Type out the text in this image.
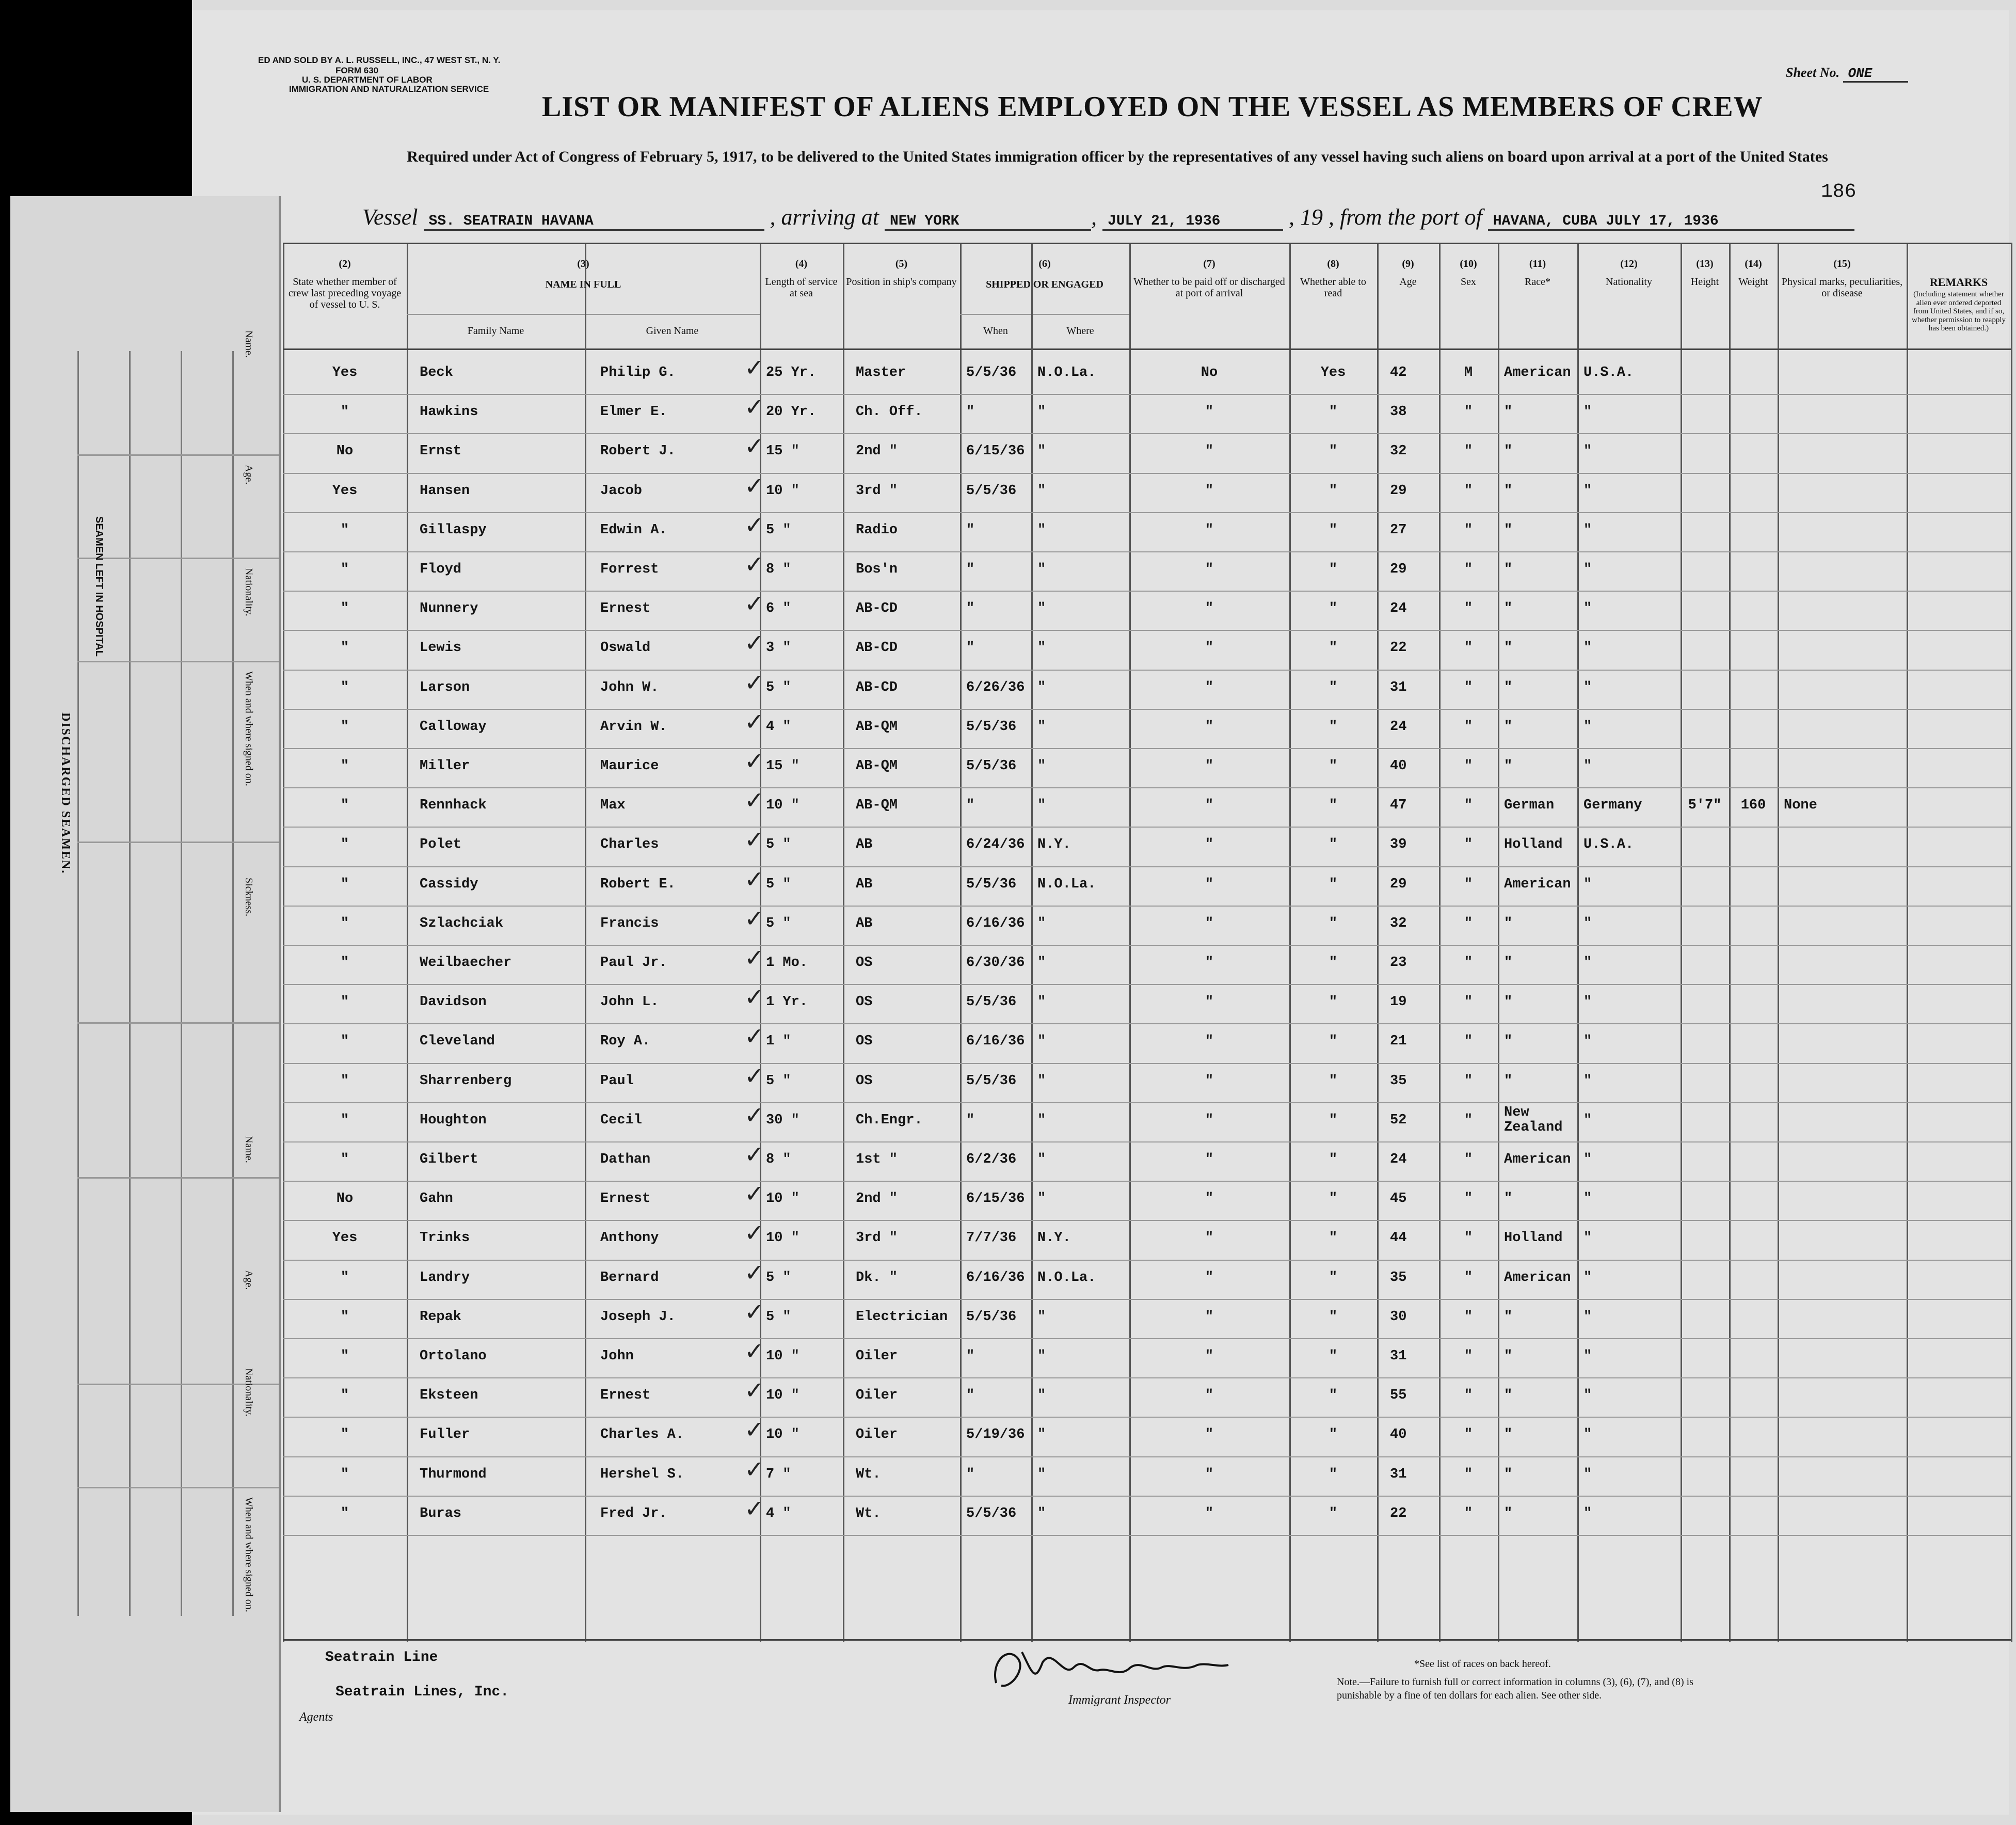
DISCHARGED SEAMEN.
Name.
Age.
Nationality.
When and where signed on.
Sickness.
Name.
Age.
Nationality.
When and where signed on.
SEAMEN LEFT IN HOSPITAL
ED AND SOLD BY A. L. RUSSELL, INC., 47 WEST ST., N. Y.
FORM 630
U. S. DEPARTMENT OF LABOR
IMMIGRATION AND NATURALIZATION SERVICE
Sheet No. ONE
LIST OR MANIFEST OF ALIENS EMPLOYED ON THE VESSEL AS MEMBERS OF CREW
Required under Act of Congress of February 5, 1917, to be delivered to the United States immigration officer by the representatives of any vessel having such aliens on board upon arrival at a port of the United States
186
Vessel SS. SEATRAIN HAVANA	, arriving at NEW YORK	, JULY 21, 1936	, 19 , from the port of HAVANA, CUBA JULY 17, 1936
(2)
State whether member of crew last preceding voyage of vessel to U. S.
(3)
NAME IN FULL
Family Name	Given Name
(4)
Length of service at sea
(5)
Position in ship's company
(6)
SHIPPED OR ENGAGED
When	Where
(7)
Whether to be paid off or discharged at port of arrival
(8)
Whether able to read
(9)
Age
(10)
Sex
(11)
Race*
(12)
Nationality
(13)
Height
(14)
Weight
(15)
Physical marks, peculiarities, or disease
REMARKS
(Including statement whether alien ever ordered deported from United States, and if so, whether permission to reapply has been obtained.)
Yes	Beck	Philip G.	25 Yr.	Master	5/5/36 N.O.La.	No	Yes	42	M	American U.S.A.
✓
"	Hawkins	Elmer E.	20 Yr.	Ch. Off.	"	"	"	"	38	"	"	"
✓
No	Ernst	Robert J.	15 "	2nd "	6/15/36 "	"	"	32	"	"	"
✓
Yes	Hansen	Jacob	10 "	3rd "	5/5/36 "	"	"	29	"	"	"
✓
"	Gillaspy	Edwin A.	5 "	Radio	"	"	"	"	27	"	"	"
✓
"	Floyd	Forrest	8 "	Bos'n	"	"	"	"	29	"	"	"
✓
"	Nunnery	Ernest	6 "	AB-CD	"	"	"	"	24	"	"	"
✓
"	Lewis	Oswald	3 "	AB-CD	"	"	"	"	22	"	"	"
✓
"	Larson	John W.	5 "	AB-CD	6/26/36 "	"	"	31	"	"	"
✓
"	Calloway	Arvin W.	4 "	AB-QM	5/5/36 "	"	"	24	"	"	"
✓
"	Miller	Maurice	15 "	AB-QM	5/5/36 "	"	"	40	"	"	"
✓
"	Rennhack	Max	10 "	AB-QM	"	"	"	"	47	"	German Germany	5'7"	160	None
✓
"	Polet	Charles	5 "	AB	6/24/36 N.Y.	"	"	39	"	Holland U.S.A.
✓
"	Cassidy	Robert E.	5 "	AB	5/5/36 N.O.La.	"	"	29	"	American "
✓
"	Szlachciak	Francis	5 "	AB	6/16/36 "	"	"	32	"	"	"
✓
"	Weilbaecher	Paul Jr.	1 Mo.	OS	6/30/36 "	"	"	23	"	"	"
✓
"	Davidson	John L.	1 Yr.	OS	5/5/36 "	"	"	19	"	"	"
✓
"	Cleveland	Roy A.	1 "	OS	6/16/36 "	"	"	21	"	"	"
✓
"	Sharrenberg	Paul	5 "	OS	5/5/36 "	"	"	35	"	"	"
✓
"	Houghton	Cecil	30 "	Ch.Engr.	"	"	"	"	52	"	New Zealand "
✓
"	Gilbert	Dathan	8 "	1st "	6/2/36 "	"	"	24	"	American "
✓
No	Gahn	Ernest	10 "	2nd "	6/15/36 "	"	"	45	"	"	"
✓
Yes	Trinks	Anthony	10 "	3rd "	7/7/36 N.Y.	"	"	44	"	Holland "
✓
"	Landry	Bernard	5 "	Dk. "	6/16/36 N.O.La.	"	"	35	"	American "
✓
"	Repak	Joseph J.	5 "	Electrician 5/5/36 "	"	"	30	"	"	"
✓
"	Ortolano	John	10 "	Oiler	"	"	"	"	31	"	"	"
✓
"	Eksteen	Ernest	10 "	Oiler	"	"	"	"	55	"	"	"
✓
"	Fuller	Charles A.	10 "	Oiler	5/19/36 "	"	"	40	"	"	"
✓
"	Thurmond	Hershel S.	7 "	Wt.	"	"	"	"	31	"	"	"
✓
"	Buras	Fred Jr.	4 "	Wt.	5/5/36 "	"	"	22	"	"	"
✓
Seatrain Line
Seatrain Lines, Inc.
Agents
Immigrant Inspector
*See list of races on back hereof.
Note.—Failure to furnish full or correct information in columns (3), (6), (7), and (8) is punishable by a fine of ten dollars for each alien. See other side.
